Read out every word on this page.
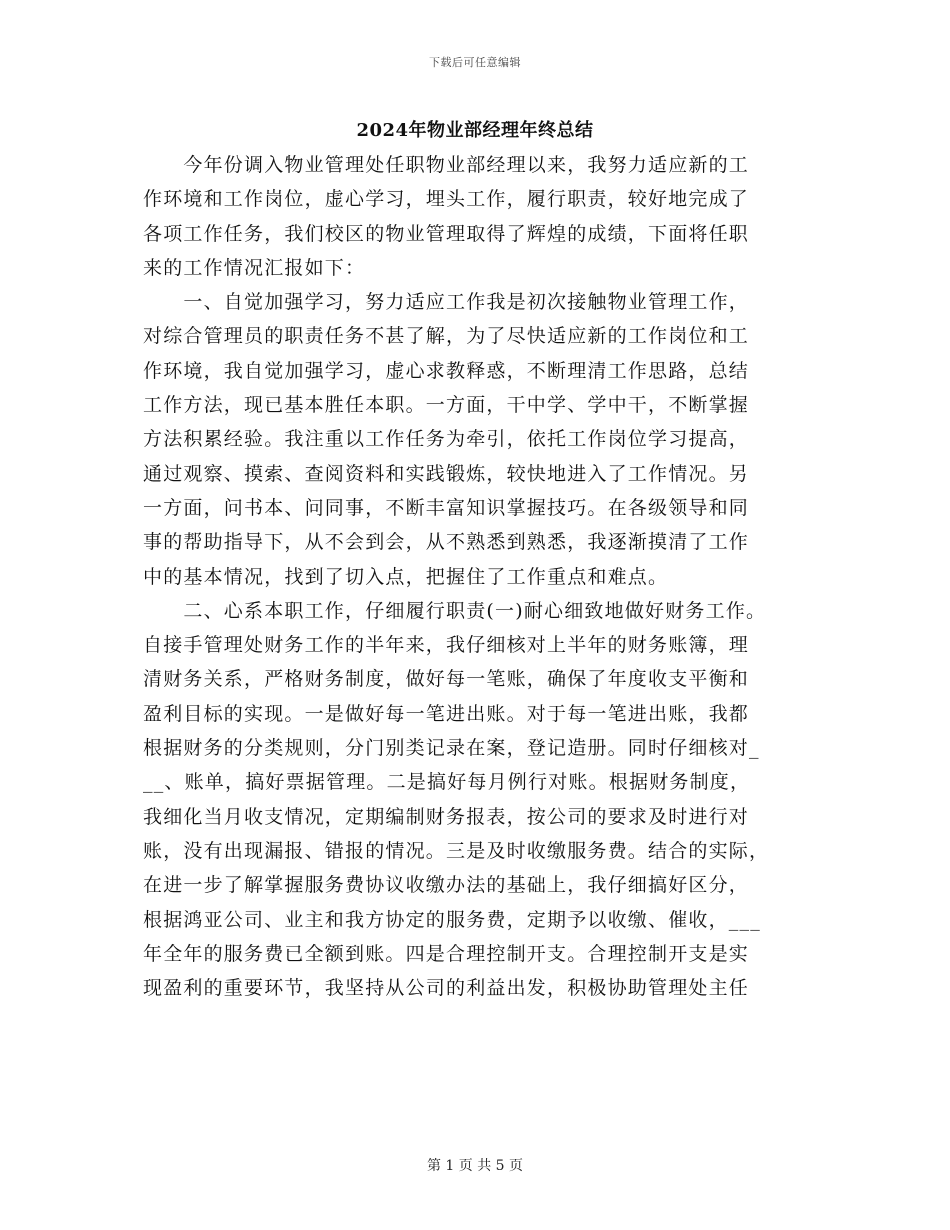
下载后可任意编辑
2024年物业部经理年终总结
　　今年份调入物业管理处任职物业部经理以来，我努力适应新的工
作环境和工作岗位，虚心学习，埋头工作，履行职责，较好地完成了
各项工作任务，我们校区的物业管理取得了辉煌的成绩，下面将任职
来的工作情况汇报如下：
　　一、自觉加强学习，努力适应工作我是初次接触物业管理工作，
对综合管理员的职责任务不甚了解，为了尽快适应新的工作岗位和工
作环境，我自觉加强学习，虚心求教释惑，不断理清工作思路，总结
工作方法，现已基本胜任本职。一方面，干中学、学中干，不断掌握
方法积累经验。我注重以工作任务为牵引，依托工作岗位学习提高，
通过观察、摸索、查阅资料和实践锻炼，较快地进入了工作情况。另
一方面，问书本、问同事，不断丰富知识掌握技巧。在各级领导和同
事的帮助指导下，从不会到会，从不熟悉到熟悉，我逐渐摸清了工作
中的基本情况，找到了切入点，把握住了工作重点和难点。
　　二、心系本职工作，仔细履行职责(一)耐心细致地做好财务工作。
自接手管理处财务工作的半年来，我仔细核对上半年的财务账簿，理
清财务关系，严格财务制度，做好每一笔账，确保了年度收支平衡和
盈利目标的实现。一是做好每一笔进出账。对于每一笔进出账，我都
根据财务的分类规则，分门别类记录在案，登记造册。同时仔细核对_
__、账单，搞好票据管理。二是搞好每月例行对账。根据财务制度，
我细化当月收支情况，定期编制财务报表，按公司的要求及时进行对
账，没有出现漏报、错报的情况。三是及时收缴服务费。结合的实际，
在进一步了解掌握服务费协议收缴办法的基础上，我仔细搞好区分，
根据鸿亚公司、业主和我方协定的服务费，定期予以收缴、催收，___
年全年的服务费已全额到账。四是合理控制开支。合理控制开支是实
现盈利的重要环节，我坚持从公司的利益出发，积极协助管理处主任
第 1 页 共 5 页
